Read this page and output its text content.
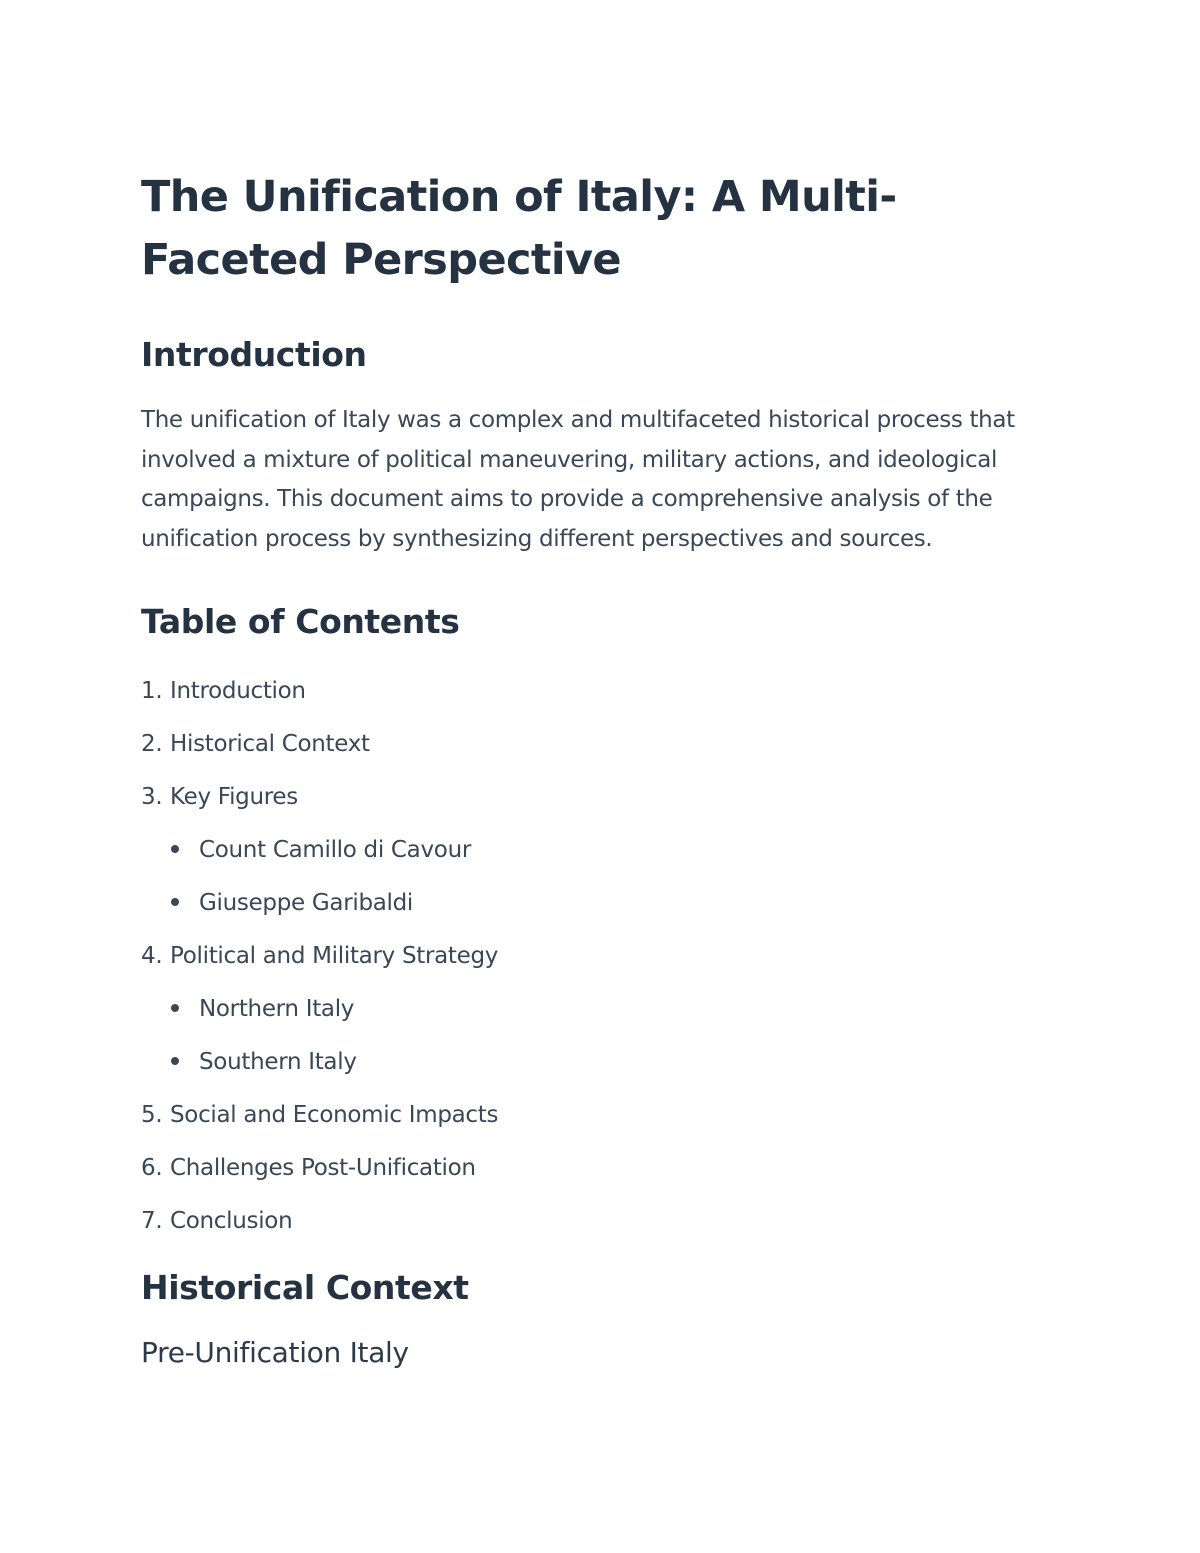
The Unification of Italy: A Multi-Faceted Perspective
Introduction

The unification of Italy was a complex and multifaceted historical process that involved a mixture of political maneuvering, military actions, and ideological campaigns. This document aims to provide a comprehensive analysis of the unification process by synthesizing different perspectives and sources.

Table of Contents
1. Introduction
2. Historical Context
3. Key Figures
Count Camillo di Cavour
Giuseppe Garibaldi
4. Political and Military Strategy
Northern Italy
Southern Italy
5. Social and Economic Impacts
6. Challenges Post-Unification
7. Conclusion
Historical Context
Pre-Unification Italy
